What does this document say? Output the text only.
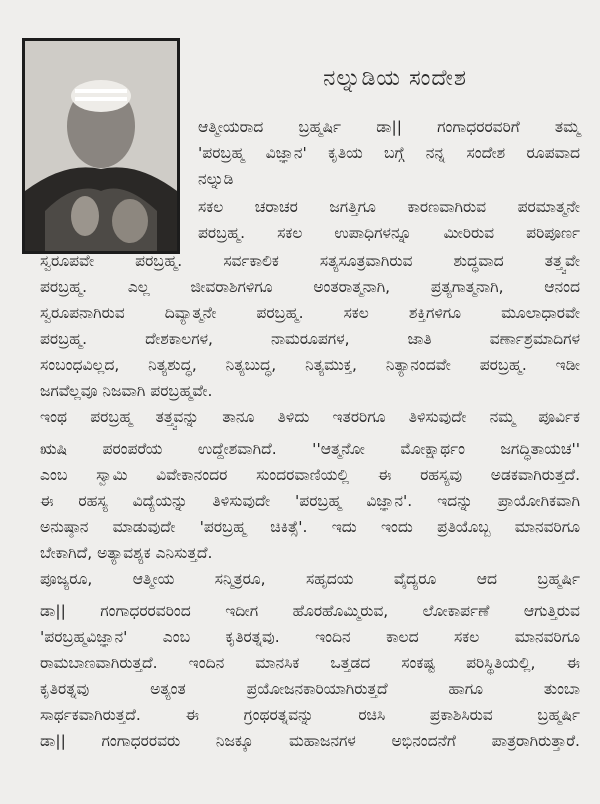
ನಲ್ನುಡಿಯ ಸಂದೇಶ
ಆತ್ಮೀಯರಾದ ಬ್ರಹ್ಮರ್ಷಿ ಡಾ|| ಗಂಗಾಧರರವರಿಗೆ ತಮ್ಮ
'ಪರಬ್ರಹ್ಮ ವಿಜ್ಞಾನ' ಕೃತಿಯ ಬಗ್ಗೆ ನನ್ನ ಸಂದೇಶ ರೂಪವಾದ
ನಲ್ನುಡಿ
ಸಕಲ ಚರಾಚರ ಜಗತ್ತಿಗೂ ಕಾರಣವಾಗಿರುವ ಪರಮಾತ್ಮನೇ
ಪರಬ್ರಹ್ಮ. ಸಕಲ ಉಪಾಧಿಗಳನ್ನೂ ಮೀರಿರುವ ಪರಿಪೂರ್ಣ
ಸ್ವರೂಪವೇ ಪರಬ್ರಹ್ಮ. ಸರ್ವಕಾಲಿಕ ಸತ್ಯಸೂತ್ರವಾಗಿರುವ ಶುದ್ಧವಾದ ತತ್ತ್ವವೇ
ಪರಬ್ರಹ್ಮ. ಎಲ್ಲ ಜೀವರಾಶಿಗಳಿಗೂ ಅಂತರಾತ್ಮನಾಗಿ, ಪ್ರತ್ಯಗಾತ್ಮನಾಗಿ, ಆನಂದ
ಸ್ವರೂಪನಾಗಿರುವ ದಿವ್ಯಾತ್ಮನೇ ಪರಬ್ರಹ್ಮ. ಸಕಲ ಶಕ್ತಿಗಳಿಗೂ ಮೂಲಾಧಾರವೇ
ಪರಬ್ರಹ್ಮ. ದೇಶಕಾಲಗಳ, ನಾಮರೂಪಗಳ, ಜಾತಿ ವರ್ಣಾಶ್ರಮಾದಿಗಳ
ಸಂಬಂಧವಿಲ್ಲದ, ನಿತ್ಯಶುದ್ಧ, ನಿತ್ಯಬುದ್ಧ, ನಿತ್ಯಮುಕ್ತ, ನಿತ್ಯಾನಂದವೇ ಪರಬ್ರಹ್ಮ. ಇಡೀ
ಜಗವೆಲ್ಲವೂ ನಿಜವಾಗಿ ಪರಬ್ರಹ್ಮವೇ.
ಇಂಥ ಪರಬ್ರಹ್ಮ ತತ್ತ್ವವನ್ನು ತಾನೂ ತಿಳಿದು ಇತರರಿಗೂ ತಿಳಿಸುವುದೇ ನಮ್ಮ ಪೂರ್ವಿಕ
ಋಷಿ ಪರಂಪರೆಯ ಉದ್ದೇಶವಾಗಿದೆ. ''ಆತ್ಮನೋ ಮೋಕ್ಷಾರ್ಥಂ ಜಗದ್ಧಿತಾಯಚ''
ಎಂಬ ಸ್ವಾಮಿ ವಿವೇಕಾನಂದರ ಸುಂದರವಾಣಿಯಲ್ಲಿ ಈ ರಹಸ್ಯವು ಅಡಕವಾಗಿರುತ್ತದೆ.
ಈ ರಹಸ್ಯ ವಿದ್ಯೆಯನ್ನು ತಿಳಿಸುವುದೇ 'ಪರಬ್ರಹ್ಮ ವಿಜ್ಞಾನ'. ಇದನ್ನು ಪ್ರಾಯೋಗಿಕವಾಗಿ
ಅನುಷ್ಠಾನ ಮಾಡುವುದೇ 'ಪರಬ್ರಹ್ಮ ಚಿಕಿತ್ಸೆ'. ಇದು ಇಂದು ಪ್ರತಿಯೊಬ್ಬ ಮಾನವರಿಗೂ
ಬೇಕಾಗಿದೆ, ಅತ್ಯಾವಶ್ಯಕ ಎನಿಸುತ್ತದೆ.
ಪೂಜ್ಯರೂ, ಆತ್ಮೀಯ ಸನ್ಮಿತ್ರರೂ, ಸಹೃದಯ ವೈದ್ಯರೂ ಆದ ಬ್ರಹ್ಮರ್ಷಿ
ಡಾ|| ಗಂಗಾಧರರವರಿಂದ ಇದೀಗ ಹೊರಹೊಮ್ಮಿರುವ, ಲೋಕಾರ್ಪಣೆ ಆಗುತ್ತಿರುವ
'ಪರಬ್ರಹ್ಮವಿಜ್ಞಾನ' ಎಂಬ ಕೃತಿರತ್ನವು. ಇಂದಿನ ಕಾಲದ ಸಕಲ ಮಾನವರಿಗೂ
ರಾಮಬಾಣವಾಗಿರುತ್ತದೆ. ಇಂದಿನ ಮಾನಸಿಕ ಒತ್ತಡದ ಸಂಕಷ್ಟ ಪರಿಸ್ಥಿತಿಯಲ್ಲಿ, ಈ
ಕೃತಿರತ್ನವು ಅತ್ಯಂತ ಪ್ರಯೋಜನಕಾರಿಯಾಗಿರುತ್ತದೆ ಹಾಗೂ ತುಂಬಾ
ಸಾರ್ಥಕವಾಗಿರುತ್ತದೆ. ಈ ಗ್ರಂಥರತ್ನವನ್ನು ರಚಿಸಿ ಪ್ರಕಾಶಿಸಿರುವ ಬ್ರಹ್ಮರ್ಷಿ
ಡಾ|| ಗಂಗಾಧರರವರು ನಿಜಕ್ಕೂ ಮಹಾಜನಗಳ ಅಭಿನಂದನೆಗೆ ಪಾತ್ರರಾಗಿರುತ್ತಾರೆ.
